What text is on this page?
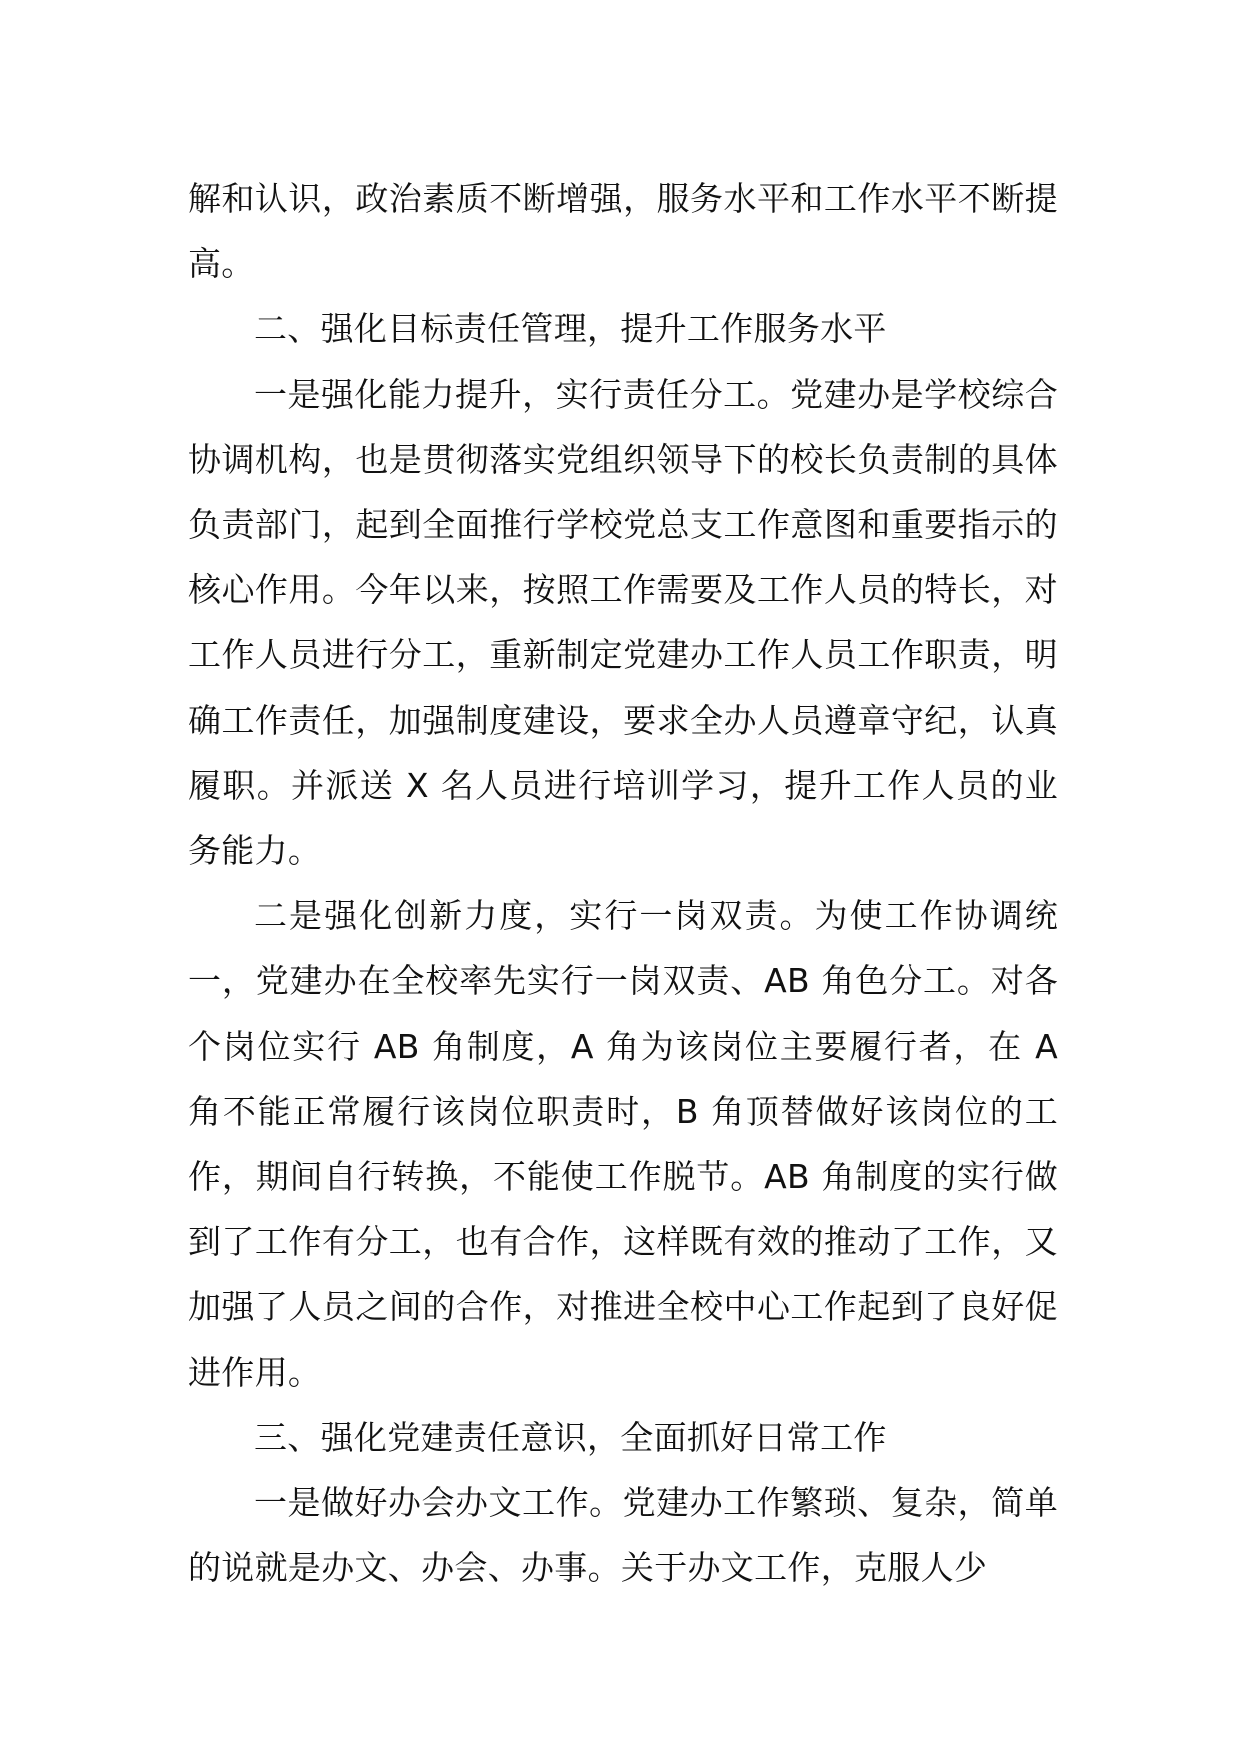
解和认识，政治素质不断增强，服务水平和工作水平不断提高。

二、强化目标责任管理，提升工作服务水平

一是强化能力提升，实行责任分工。党建办是学校综合协调机构，也是贯彻落实党组织领导下的校长负责制的具体负责部门，起到全面推行学校党总支工作意图和重要指示的核心作用。今年以来，按照工作需要及工作人员的特长，对工作人员进行分工，重新制定党建办工作人员工作职责，明确工作责任，加强制度建设，要求全办人员遵章守纪，认真履职。并派送 X 名人员进行培训学习，提升工作人员的业务能力。

二是强化创新力度，实行一岗双责。为使工作协调统一，党建办在全校率先实行一岗双责、AB 角色分工。对各个岗位实行 AB 角制度，A 角为该岗位主要履行者，在 A 角不能正常履行该岗位职责时，B 角顶替做好该岗位的工作，期间自行转换，不能使工作脱节。AB 角制度的实行做到了工作有分工，也有合作，这样既有效的推动了工作，又加强了人员之间的合作，对推进全校中心工作起到了良好促进作用。

三、强化党建责任意识，全面抓好日常工作

一是做好办会办文工作。党建办工作繁琐、复杂，简单的说就是办文、办会、办事。关于办文工作，克服人少
